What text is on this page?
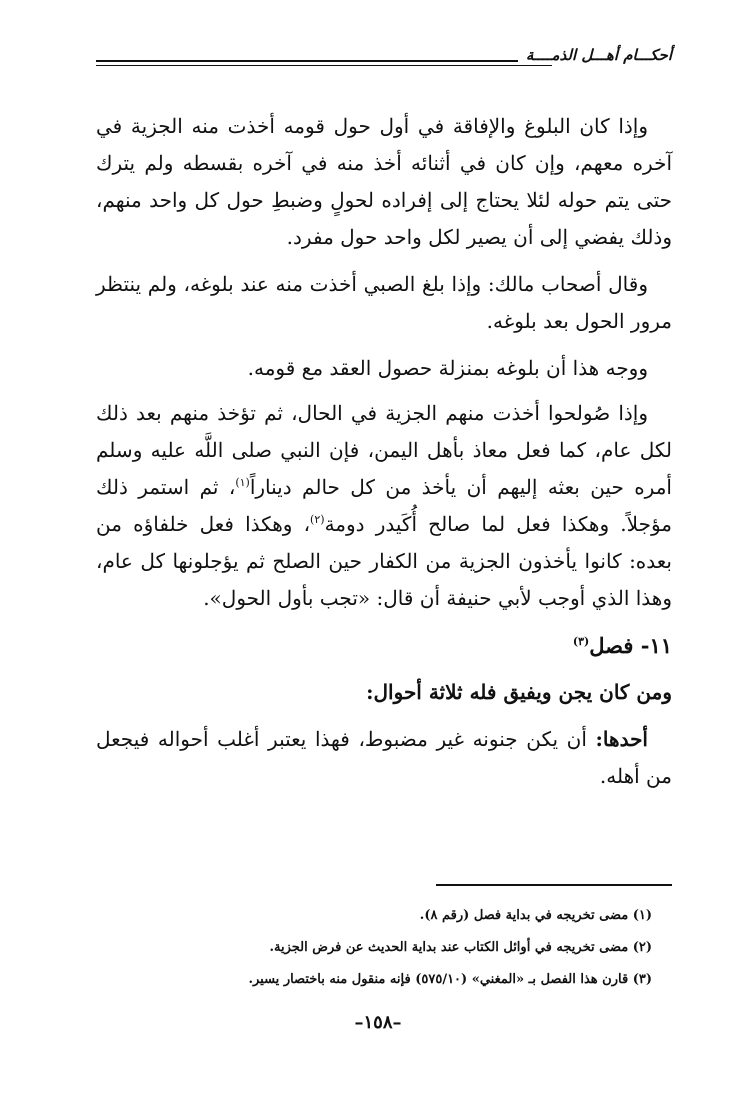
أحكـــام أهـــل الذمــــة

وإذا كان البلوغ والإفاقة في أول حول قومه أخذت منه الجزية في آخره معهم، وإن كان في أثنائه أخذ منه في آخره بقسطه ولم يترك حتى يتم حوله لئلا يحتاج إلى إفراده لحولٍ وضبطِ حول كل واحد منهم، وذلك يفضي إلى أن يصير لكل واحد حول مفرد.

وقال أصحاب مالك: وإذا بلغ الصبي أخذت منه عند بلوغه، ولم ينتظر مرور الحول بعد بلوغه.

ووجه هذا أن بلوغه بمنزلة حصول العقد مع قومه.

وإذا صُولحوا أخذت منهم الجزية في الحال، ثم تؤخذ منهم بعد ذلك لكل عام، كما فعل معاذ بأهل اليمن، فإن النبي صلى اللَّه عليه وسلم أمره حين بعثه إليهم أن يأخذ من كل حالم ديناراً$^{(١)}$، ثم استمر ذلك مؤجلاً. وهكذا فعل لما صالح أُكَيدر دومة$^{(٢)}$، وهكذا فعل خلفاؤه من بعده: كانوا يأخذون الجزية من الكفار حين الصلح ثم يؤجلونها كل عام، وهذا الذي أوجب لأبي حنيفة أن قال: «تجب بأول الحول».

١١- فصل$^{(٣)}$

ومن كان يجن ويفيق فله ثلاثة أحوال:

أحدها: أن يكن جنونه غير مضبوط، فهذا يعتبر أغلب أحواله فيجعل من أهله.

(١) مضى تخريجه في بداية فصل (رقم ٨).

(٢) مضى تخريجه في أوائل الكتاب عند بداية الحديث عن فرض الجزية.

(٣) قارن هذا الفصل بـ «المغني» (٥٧٥/١٠) فإنه منقول منه باختصار يسير.

–١٥٨–
